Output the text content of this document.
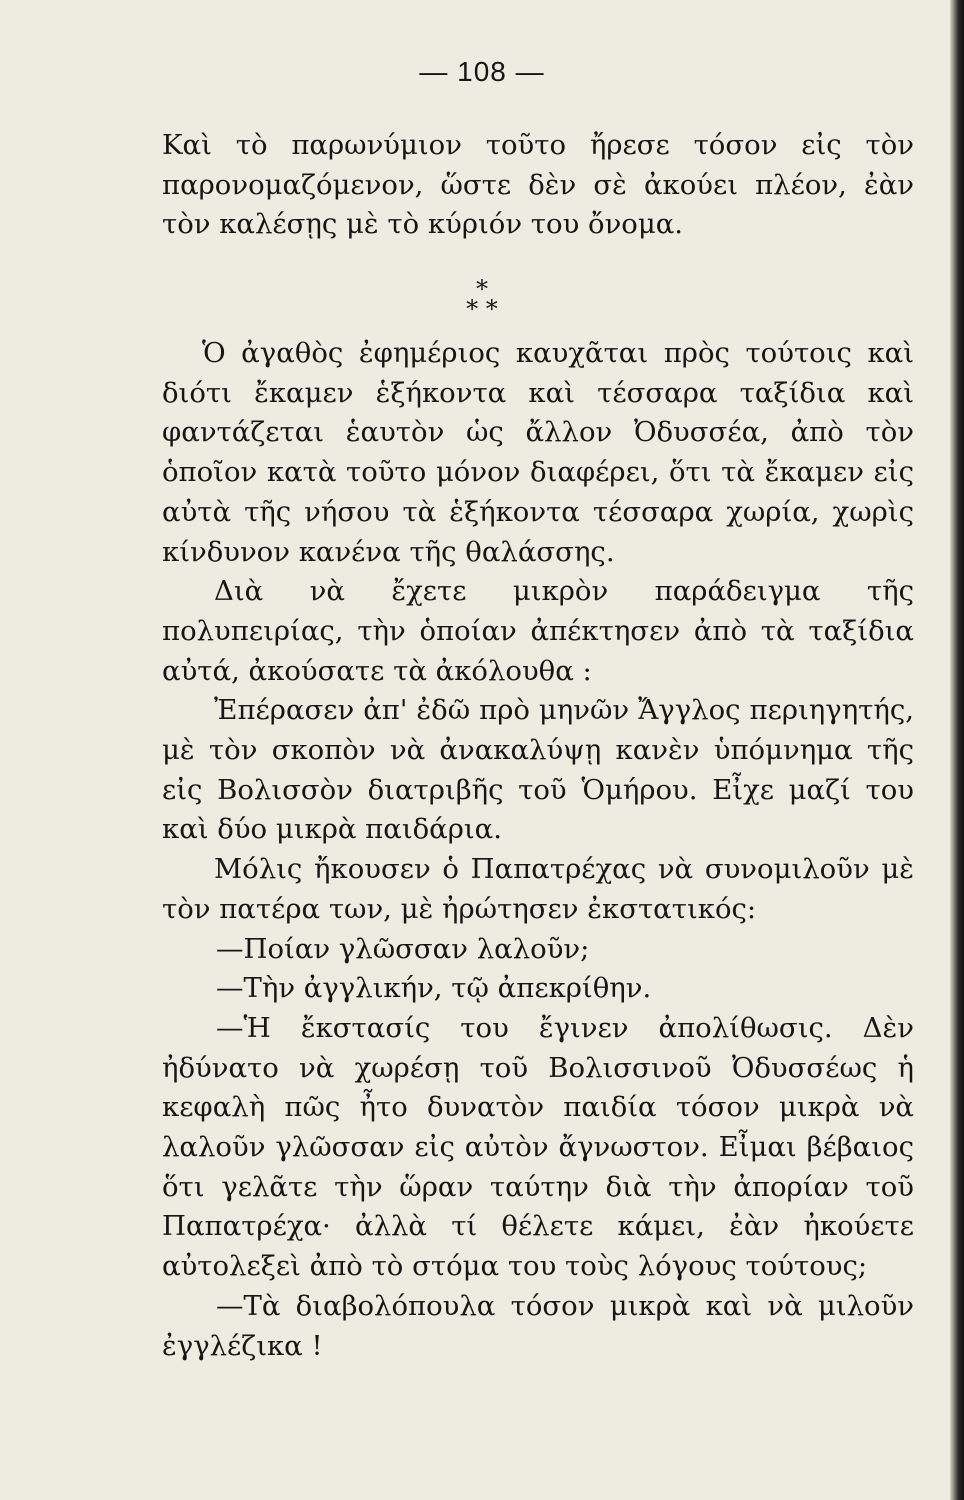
— 108 —
Καὶ τὸ παρωνύμιον τοῦτο ἤρεσε τόσον εἰς τὸν παρονομαζόμενον, ὥστε δὲν σὲ ἀκούει πλέον, ἐὰν τὸν καλέσῃς μὲ τὸ κύριόν του ὄνομα.
*
* *

Ὁ ἀγαθὸς ἐφημέριος καυχᾶται πρὸς τούτοις καὶ διότι ἔκαμεν ἑξήκοντα καὶ τέσσαρα ταξίδια καὶ φαντάζεται ἑαυτὸν ὡς ἄλλον Ὀδυσσέα, ἀπὸ τὸν ὁποῖον κατὰ τοῦτο μόνον διαφέρει, ὅτι τὰ ἔκαμεν εἰς αὐτὰ τῆς νήσου τὰ ἑξήκοντα τέσσαρα χωρία, χωρὶς κίνδυνον κανένα τῆς θαλάσσης.

Διὰ νὰ ἔχετε μικρὸν παράδειγμα τῆς πολυπειρίας, τὴν ὁποίαν ἀπέκτησεν ἀπὸ τὰ ταξίδια αὐτά, ἀκούσατε τὰ ἀκόλουθα :

Ἐπέρασεν ἀπ' ἐδῶ πρὸ μηνῶν Ἄγγλος περιηγητής, μὲ τὸν σκοπὸν νὰ ἀνακαλύψῃ κανὲν ὑπόμνημα τῆς εἰς Βολισσὸν διατριβῆς τοῦ Ὁμήρου. Εἶχε μαζί του καὶ δύο μικρὰ παιδάρια.

Μόλις ἤκουσεν ὁ Παπατρέχας νὰ συνομιλοῦν μὲ τὸν πατέρα των, μὲ ἠρώτησεν ἐκστατικός:

—Ποίαν γλῶσσαν λαλοῦν;

—Τὴν ἀγγλικήν, τῷ ἀπεκρίθην.

—Ἡ ἔκστασίς του ἔγινεν ἀπολίθωσις. Δὲν ἠδύνατο νὰ χωρέσῃ τοῦ Βολισσινοῦ Ὀδυσσέως ἡ κεφαλὴ πῶς ἦτο δυνατὸν παιδία τόσον μικρὰ νὰ λαλοῦν γλῶσσαν εἰς αὐτὸν ἄγνωστον. Εἶμαι βέβαιος ὅτι γελᾶτε τὴν ὥραν ταύτην διὰ τὴν ἀπορίαν τοῦ Παπατρέχα· ἀλλὰ τί θέλετε κάμει, ἐὰν ἠκούετε αὐτολεξεὶ ἀπὸ τὸ στόμα του τοὺς λόγους τούτους;

—Τὰ διαβολόπουλα τόσον μικρὰ καὶ νὰ μιλοῦν ἐγγλέζικα !
